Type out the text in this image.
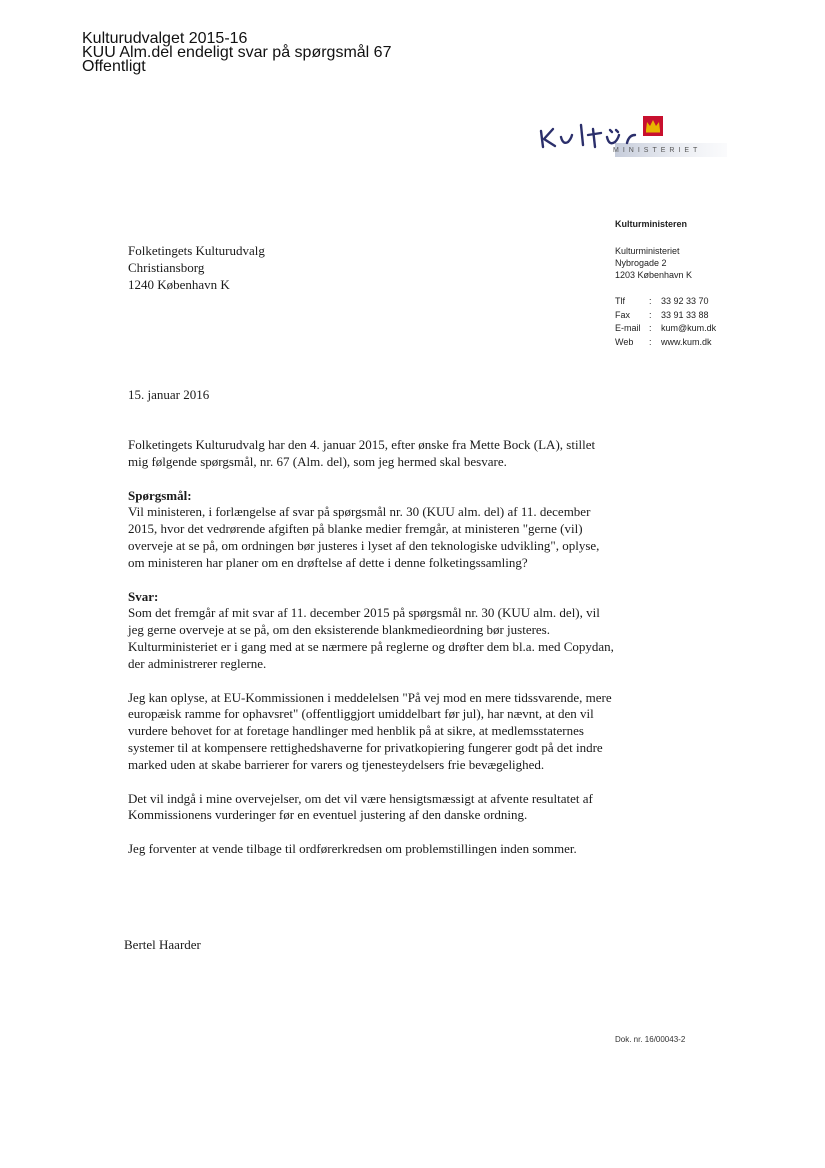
Kulturudvalget 2015-16
KUU Alm.del endeligt svar på spørgsmål 67
Offentligt
MINISTERIET
Kulturministeren
Kulturministeriet
Nybrogade 2
1203 København K
Tlf	:	33 92 33 70
Fax	:	33 91 33 88
E-mail :	kum@kum.dk
Web	:	www.kum.dk
Folketingets Kulturudvalg
Christiansborg
1240 København K
15. januar 2016

Folketingets Kulturudvalg har den 4. januar 2015, efter ønske fra Mette Bock (LA), stillet mig følgende spørgsmål, nr. 67 (Alm. del), som jeg hermed skal besvare.

Spørgsmål:

Vil ministeren, i forlængelse af svar på spørgsmål nr. 30 (KUU alm. del) af 11. december 2015, hvor det vedrørende afgiften på blanke medier fremgår, at ministeren "gerne (vil) overveje at se på, om ordningen bør justeres i lyset af den teknologiske udvikling", oplyse, om ministeren har planer om en drøftelse af dette i denne folketingssamling?

Svar:

Som det fremgår af mit svar af 11. december 2015 på spørgsmål nr. 30 (KUU alm. del), vil jeg gerne overveje at se på, om den eksisterende blankmedieordning bør justeres. Kulturministeriet er i gang med at se nærmere på reglerne og drøfter dem bl.a. med Copydan, der administrerer reglerne.

Jeg kan oplyse, at EU-Kommissionen i meddelelsen "På vej mod en mere tidssvarende, mere europæisk ramme for ophavsret" (offentliggjort umiddelbart før jul), har nævnt, at den vil vurdere behovet for at foretage handlinger med henblik på at sikre, at medlemsstaternes systemer til at kompensere rettighedshaverne for privatkopiering fungerer godt på det indre marked uden at skabe barrierer for varers og tjenesteydelsers frie bevægelighed.

Det vil indgå i mine overvejelser, om det vil være hensigtsmæssigt at afvente resultatet af Kommissionens vurderinger før en eventuel justering af den danske ordning.

Jeg forventer at vende tilbage til ordførerkredsen om problemstillingen inden sommer.

Bertel Haarder
Dok. nr. 16/00043-2
